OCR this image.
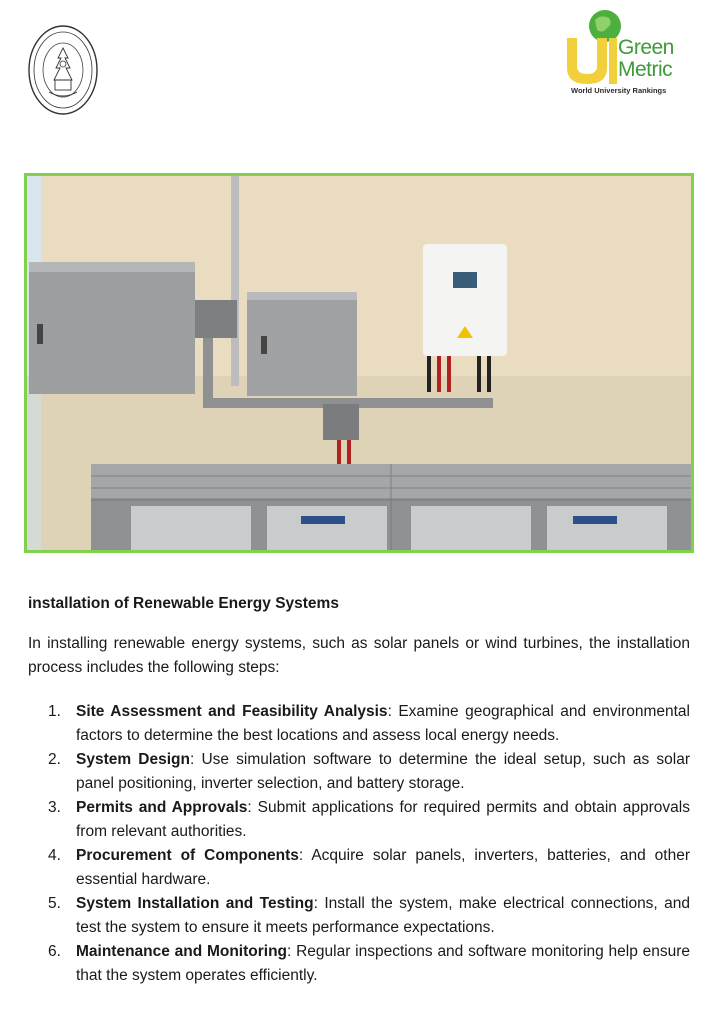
Green
Metric
World University Rankings
installation of Renewable Energy Systems

In installing renewable energy systems, such as solar panels or wind turbines, the installation process includes the following steps:

1. Site Assessment and Feasibility Analysis: Examine geographical and environmental factors to determine the best locations and assess local energy needs.
2. System Design: Use simulation software to determine the ideal setup, such as solar panel positioning, inverter selection, and battery storage.
3. Permits and Approvals: Submit applications for required permits and obtain approvals from relevant authorities.
4. Procurement of Components: Acquire solar panels, inverters, batteries, and other essential hardware.
5. System Installation and Testing: Install the system, make electrical connections, and test the system to ensure it meets performance expectations.
6. Maintenance and Monitoring: Regular inspections and software monitoring help ensure that the system operates efficiently.
